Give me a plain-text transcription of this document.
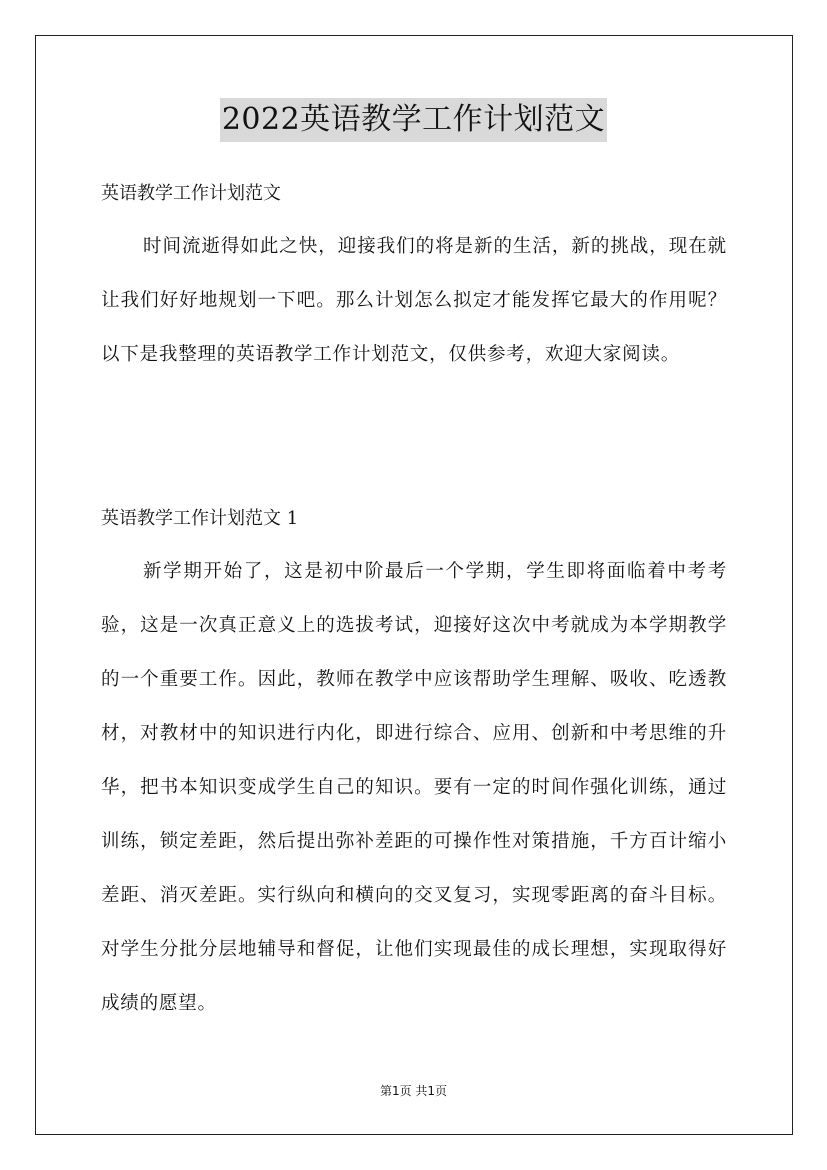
2022英语教学工作计划范文
英语教学工作计划范文

时间流逝得如此之快，迎接我们的将是新的生活，新的挑战，现在就让我们好好地规划一下吧。那么计划怎么拟定才能发挥它最大的作用呢？以下是我整理的英语教学工作计划范文，仅供参考，欢迎大家阅读。

英语教学工作计划范文 1

新学期开始了，这是初中阶最后一个学期，学生即将面临着中考考验，这是一次真正意义上的选拔考试，迎接好这次中考就成为本学期教学的一个重要工作。因此，教师在教学中应该帮助学生理解、吸收、吃透教材，对教材中的知识进行内化，即进行综合、应用、创新和中考思维的升华，把书本知识变成学生自己的知识。要有一定的时间作强化训练，通过训练，锁定差距，然后提出弥补差距的可操作性对策措施，千方百计缩小差距、消灭差距。实行纵向和横向的交叉复习，实现零距离的奋斗目标。对学生分批分层地辅导和督促，让他们实现最佳的成长理想，实现取得好成绩的愿望。

第1页 共1页
